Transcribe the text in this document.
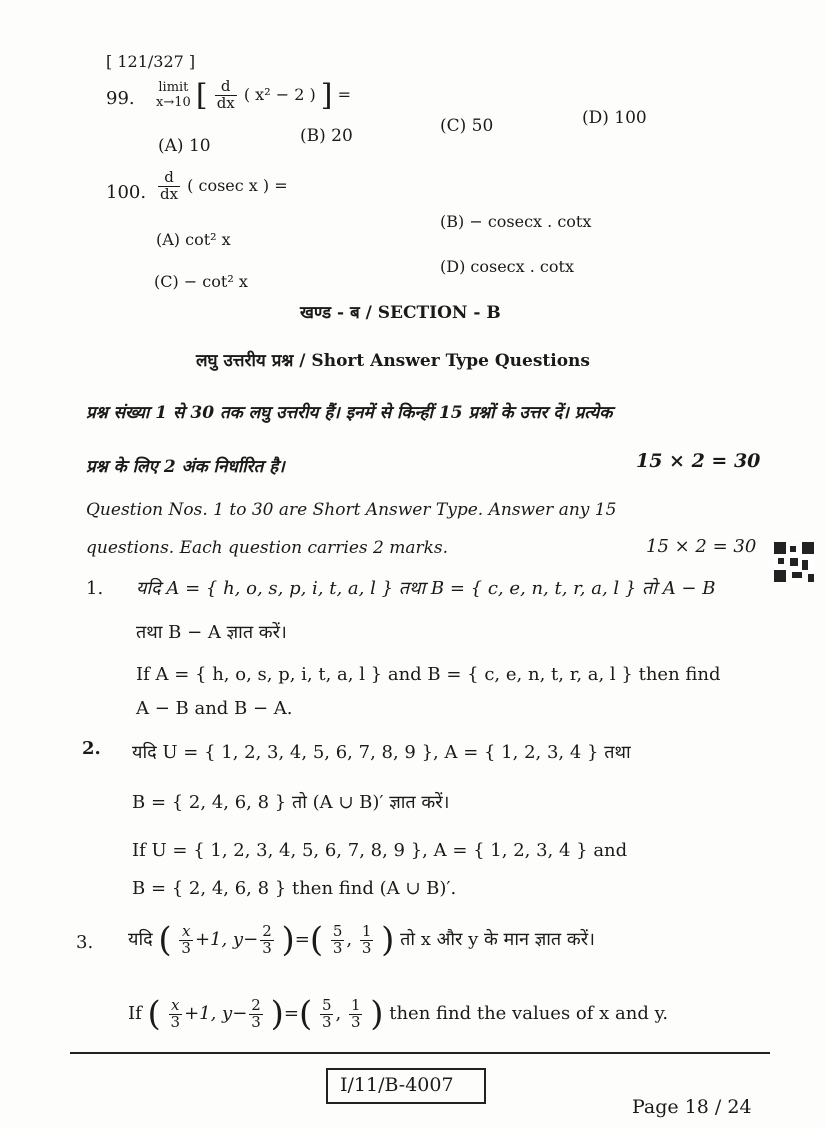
[ 121/327 ]
99.
limit
x→10 [ $\frac{d}{dx}$ ( x² − 2 ) ] =
(A) 10	(B) 20	(C) 50	(D) 100
100. $\frac{d}{dx}$ ( cosec x ) =
(A) cot² x
(B) − cosecx . cotx
(C) − cot² x
(D) cosecx . cotx
खण्ड - ब / SECTION - B
लघु उत्तरीय प्रश्न / Short Answer Type Questions
प्रश्न संख्या 1 से 30 तक लघु उत्तरीय हैं। इनमें से किन्हीं 15 प्रश्नों के उत्तर दें। प्रत्येक
प्रश्न के लिए 2 अंक निर्धारित है।	15 × 2 = 30
Question Nos. 1 to 30 are Short Answer Type. Answer any 15
questions. Each question carries 2 marks.	15 × 2 = 30
1. यदि A = { h, o, s, p, i, t, a, l } तथा B = { c, e, n, t, r, a, l } तो A − B
तथा B − A ज्ञात करें।
If A = { h, o, s, p, i, t, a, l } and B = { c, e, n, t, r, a, l } then find
A − B and B − A.
2. यदि U = { 1, 2, 3, 4, 5, 6, 7, 8, 9 }, A = { 1, 2, 3, 4 } तथा
B = { 2, 4, 6, 8 } तो (A ∪ B)′ ज्ञात करें।
If U = { 1, 2, 3, 4, 5, 6, 7, 8, 9 }, A = { 1, 2, 3, 4 } and
B = { 2, 4, 6, 8 } then find (A ∪ B)′.
3. यदि ( $\frac{x}{3} +1$, $y- \frac{2}{3}$ )=( $\frac{5}{3}$ , $\frac{1}{3}$ ) तो x और y के मान ज्ञात करें।
If ( $\frac{x}{3} +1$, $y- \frac{2}{3}$ )=( $\frac{5}{3}$ , $\frac{1}{3}$ ) then find the values of x and y.
I/11/B-4007
Page 18 / 24
